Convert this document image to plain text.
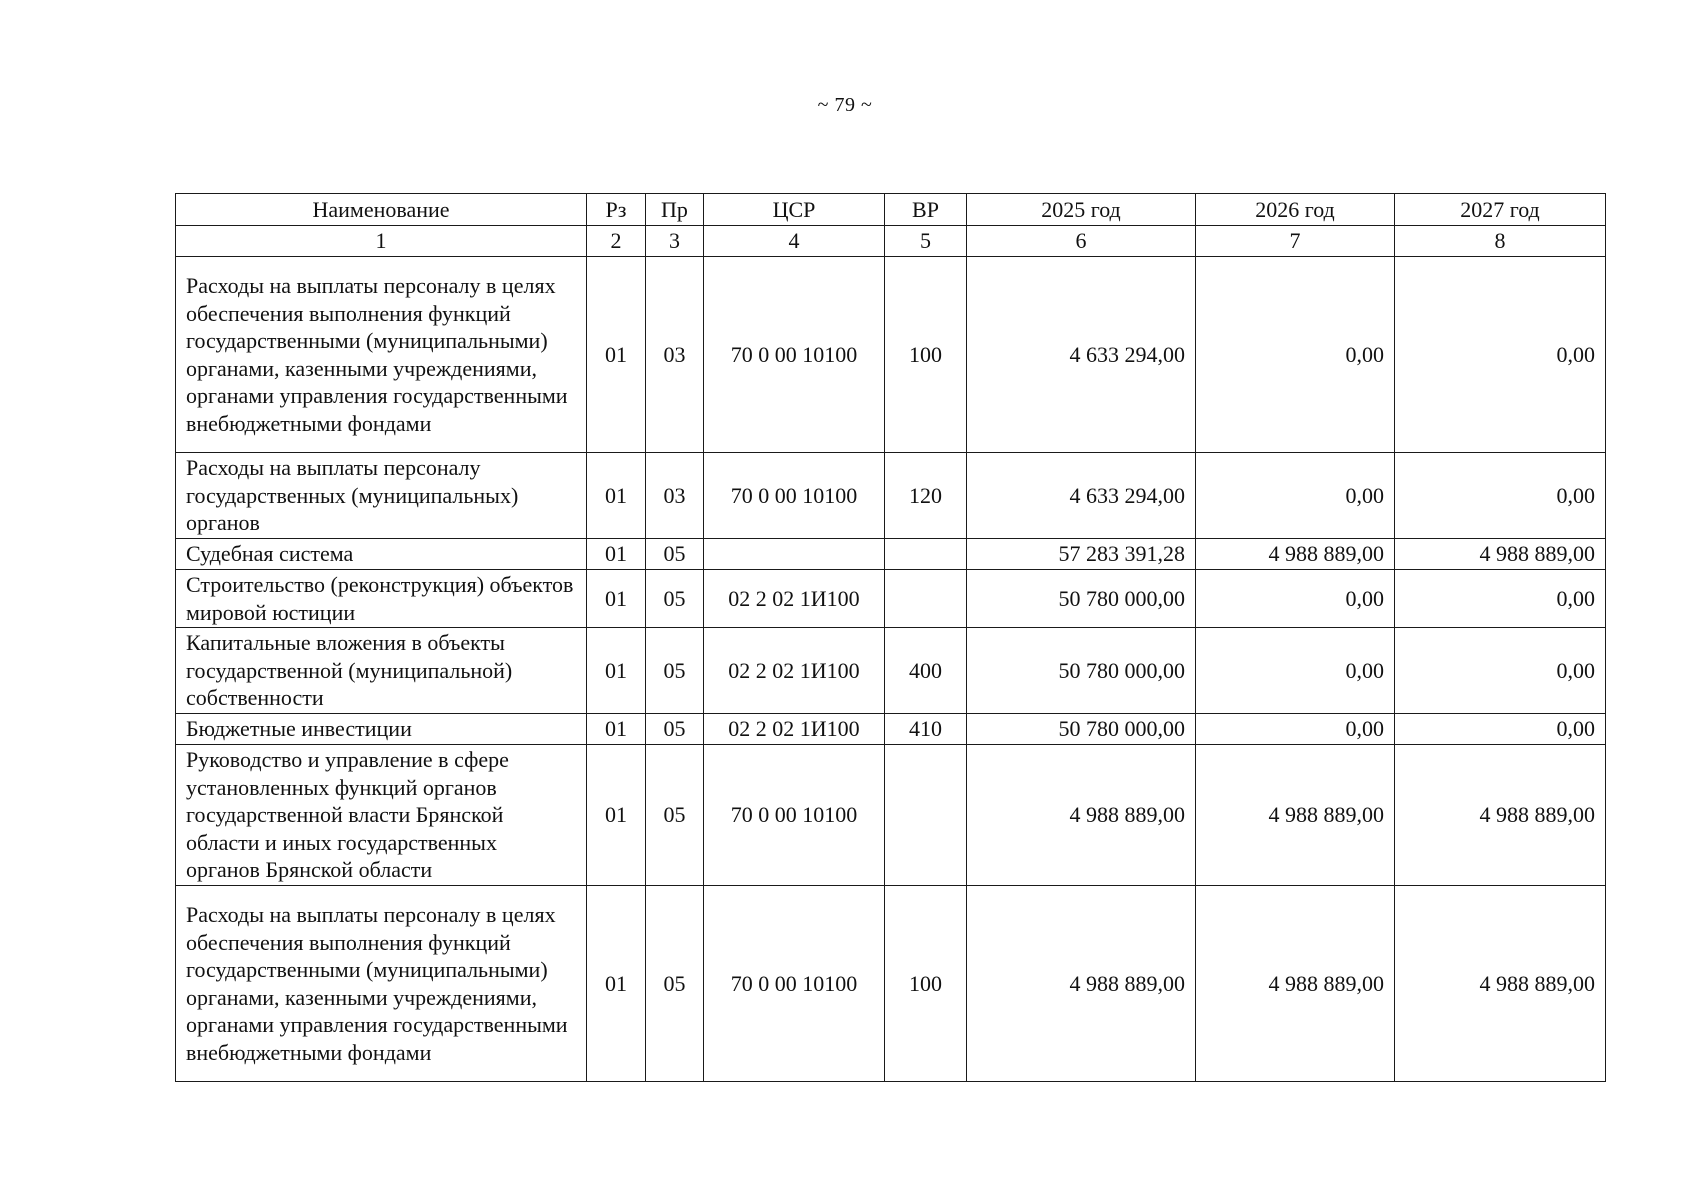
~ 79 ~
Наименование	Рз	Пр	ЦСР	ВР	2025 год	2026 год	2027 год
1	2	3	4	5	6	7	8
Расходы на выплаты персоналу в целях обеспечения выполнения функций государственными (муниципальными) органами, казенными учреждениями, органами управления государственными внебюджетными фондами	01	03	70 0 00 10100	100	4 633 294,00	0,00	0,00
Расходы на выплаты персоналу государственных (муниципальных) органов	01	03	70 0 00 10100	120	4 633 294,00	0,00	0,00
Судебная система	01	05			57 283 391,28	4 988 889,00	4 988 889,00
Строительство (реконструкция) объектов мировой юстиции	01	05	02 2 02 1И100		50 780 000,00	0,00	0,00
Капитальные вложения в объекты государственной (муниципальной) собственности	01	05	02 2 02 1И100	400	50 780 000,00	0,00	0,00
Бюджетные инвестиции	01	05	02 2 02 1И100	410	50 780 000,00	0,00	0,00
Руководство и управление в сфере установленных функций органов государственной власти Брянской области и иных государственных органов Брянской области	01	05	70 0 00 10100		4 988 889,00	4 988 889,00	4 988 889,00
Расходы на выплаты персоналу в целях обеспечения выполнения функций государственными (муниципальными) органами, казенными учреждениями, органами управления государственными внебюджетными фондами	01	05	70 0 00 10100	100	4 988 889,00	4 988 889,00	4 988 889,00
